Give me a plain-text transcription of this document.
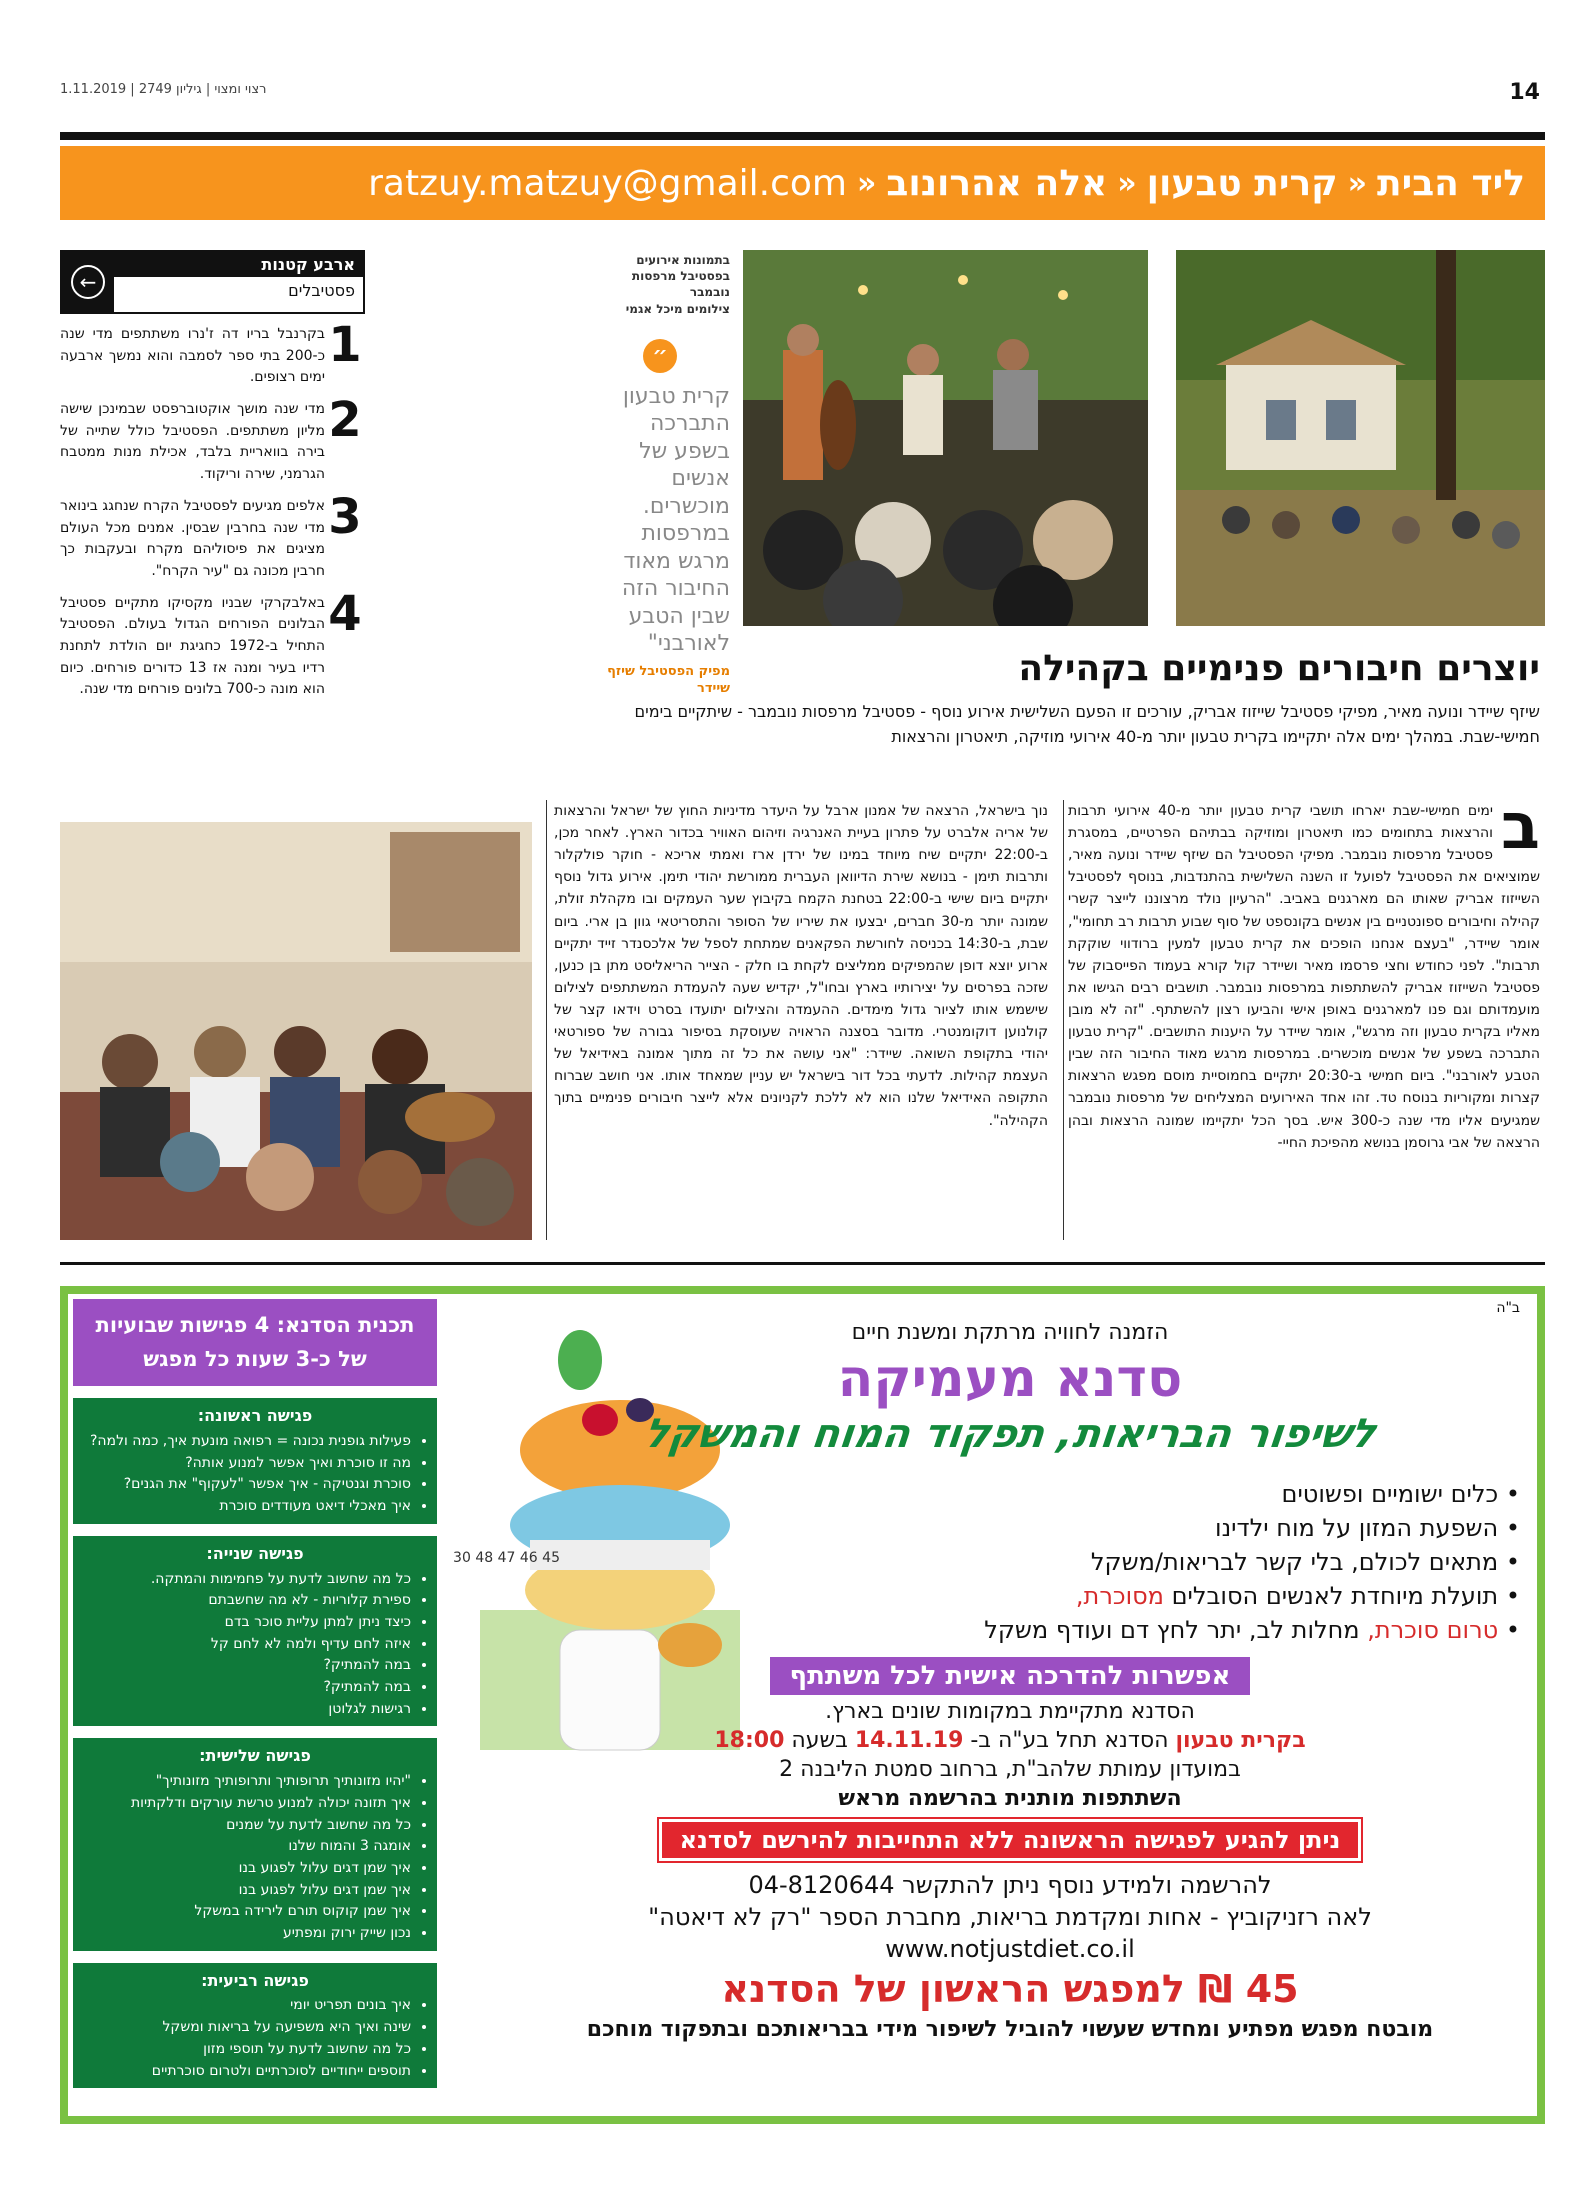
רצוי ומצוי | גיליון 2749 | 1.11.2019	14
ליד הבית
«
קרית טבעון
«
אלה אהרונוב
«
ratzuy.matzuy@gmail.com
ארבע קטנות
פסטיבלים
←
1
בקרנבל בריו דה ז'נרו משתתפים מדי שנה כ-200 בתי ספר לסמבה והוא נמשך ארבעה ימים רצופים.
2
מדי שנה מושך אוקטוברפסט שבמינכן שישה מליון משתתפים. הפסטיבל כולל שתייה של בירה בוואריית בלבד, אכילת מנות ממטבח הגרמני, שירה וריקוד.
3
אלפים מגיעים לפסטיבל הקרח שנחגג בינואר מדי שנה בחרבין שבסין. אמנים מכל העולם מציגים את פיסוליהם מקרח ובעקבות כך חרבין מכונה גם "עיר הקרח".
4
באלבקרקי שבניו מקסיקו מתקיים פסטיבל הבלונים הפורחים הגדול בעולם. הפסטיבל התחיל ב-1972 כחגיגת יום הולדת לתחנת רדיו בעיר ומנה אז 13 כדורים פורחים. כיום הוא מונה כ-700 בלונים פורחים מדי שנה.
בתמונות אירועים בפסטיבל מרפסות נובמבר
צילומים מיכל אגמי
״
קרית טבעון התברכה בשפע של אנשים מוכשרים. במרפסות מרגש מאוד החיבור הזה שבין הטבע לאורבני"
מפיק הפסטיבל שיזף שיידר	יוצרים חיבורים פנימיים בקהילה
שיזף שיידר ונועה מאיר, מפיקי פסטיבל שייזוז אבריק, עורכים זו הפעם השלישית אירוע נוסף - פסטיבל מרפסות נובמבר - שיתקיים בימים חמישי-שבת. במהלך ימים אלה יתקיימו בקרית טבעון יותר מ-40 אירועי מוזיקה, תיאטרון והרצאות
ב
ימים חמישי-שבת יארחו תושבי קרית טבעון יותר מ-40 אירועי תרבות והרצאות בתחומים כמו תיאטרון ומוזיקה בבתיהם הפרטיים, במסגרת פסטיבל מרפסות נובמבר. מפיקי הפסטיבל הם שיזף שיידר ונועה מאיר, שמוציאים את הפסטיבל לפועל זו השנה השלישית בהתנדבות, בנוסף לפסטיבל השייזוז אבריק שאותו הם מארגנים באביב. "הרעיון נולד מרצוננו לייצר קשרי קהילה וחיבורים ספונטניים בין אנשים בקונספט של סוף שבוע תרבות רב תחומי", אומר שיידר, "בעצם אנחנו הופכים את קרית טבעון למעין ברודווי שוקקת תרבות". לפני כחודש וחצי פרסמו מאיר ושיידר קול קורא בעמוד הפייסבוק של פסטיבל השייזוז אבריק להשתתפות במרפסות נובמבר. תושבים רבים הגישו את מועמדותם וגם פנו למארגנים באופן אישי והביעו רצון להשתתף. "זה לא מובן מאליו בקרית טבעון וזה מרגש", אומר שיידר על היענות התושבים. "קרית טבעון התברכה בשפע של אנשים מוכשרים. במרפסות מרגש מאוד החיבור הזה שבין הטבע לאורבני". ביום חמישי ב-20:30 יתקיים בחמוסיית מוסם מפגש הרצאות קצרות ומקוריות בנוסח טד. זהו אחד האירועים המצליחים של מרפסות נובמבר שמגיעים אליו מדי שנה כ-300 איש. בסך הכל יתקיימו שמונה הרצאות ובהן הרצאה של אבי גרוסמן בנושא מהפיכת החיי-
נוך בישראל, הרצאה של אמנון ארבל על היעדר מדיניות החוץ של ישראל והרצאות של אריה אלברט על פתרון בעיית האנרגיה וזיהום האוויר בכדור הארץ. לאחר מכן, ב-22:00 יתקיים שיח מיוחד במינו של ירדן ארז ואמתי אריכא - חוקר פולקלור ותרבות תימן - בנושא שירת הדיוואן העברית ממורשת יהודי תימן. אירוע גדול נוסף יתקיים ביום שישי ב-22:00 בטחנת הקמח בקיבוץ שער העמקים ובו מקהלת זולת, שמונה יותר מ-30 חברים, יבצעו את שיריו של הסופר והתסריטאי גוון בן ארי. ביום שבת, ב-14:30 בכניסה לחורשת הפקאנים שמתחת לספל של אלכסנדר זייד יתקיים ארוע יוצא דופן שהמפיקים ממליצים לקחת בו חלק - הצייר הריאליסט מתן בן כנען, שזכה בפרסים על יצירותיו בארץ ובחו"ל, יקדיש שעה להעמדת המשתתפים לצילום שישמש אותו לציור גדול מימדים. ההעמדה והצילום יתועדו בסרט וידאו קצר של קולנוען דוקומנטרי. מדובר בסצנה הראויה שעוסקת בסיפור גבורה של ספורטאי יהודי בתקופת השואה. שיידר: "אני עושה את כל זה מתוך אמונה באידיאל של העצמת קהילות. לדעתי בכל דור בישראל יש עניין שמאחד אותו. אני חושב שברוח התקופה האידיאל שלנו הוא לא ללכת לקניונים אלא לייצר חיבורים פנימיים בתוך הקהילה".
תכנית הסדנא: 4 פגישות שבועיות
של כ-3 שעות כל מפגש
פגישה ראשונה:
• פעילות גופנית נכונה = רפואה מונעת איך, כמה ולמה?
• מה זו סוכרת ואיך אפשר למנוע אותה?
• סוכרת וגנטיקה - איך אפשר "לעקוף" את הגנים?
• איך מאכלי דיאט מעודדים סוכרת
פגישה שנייה:
• כל מה שחשוב לדעת על פחמימות והמתקה.
• ספירת קלוריות - לא מה שחשבתם
• כיצד ניתן למתן עליית סוכר בדם
• איזה לחם עדיף ולמה לא לחם קל
• במה להמתיק?
• במה להמתיק?
• רגישות לגלוטן
פגישה שלישית:
• "יהיו מזונותיך תרופותיך ותרופותיך מזונותיך"
• איך תזונה יכולה למנוע טרשת עורקים ודלקתיות
• כל מה שחשוב לדעת על שמנים
• אומגה 3 והמוח שלנו
• איך שמן דגים עלול לפגוע בנו
• איך שמן דגים עלול לפגוע בנו
• איך שמן קוקוס תורם לירידה במשקל
• נכון שייק ירוק ומפתיע
פגישה רביעית:
• איך בונים תפריט יומי
• שינה ואיך היא משפיעה על בריאות ומשקל
• כל מה שחשוב לדעת על תוספי מזון
• תוספים ייחודיים לסוכרתיים ולטרום סוכרתיים
45 46 47 48 30
ב"ה
הזמנה לחוויה מרתקת ומשנת חיים
סדנא מעמיקה
לשיפור הבריאות, תפקוד המוח והמשקל
• כלים ישומיים ופשוטים
• השפעת המזון על מוח ילדינו
• מתאים לכולם, בלי קשר לבריאות/משקל
• תועלת מיוחדת לאנשים הסובלים מסוכרת,
• טרום סוכרת, מחלות לב, יתר לחץ דם ועודף משקל
אפשרות להדרכה אישית לכל משתתף
הסדנא מתקיימת במקומות שונים בארץ.
בקרית טבעון הסדנא תחל בע"ה ב- 14.11.19 בשעה 18:00
במועדון עמותת שלהב"ת, ברחוב סמטת הליבנה 2
השתתפות מותנית בהרשמה מראש
ניתן להגיע לפגישה הראשונה ללא התחייבות להירשם לסדנא
להרשמה ולמידע נוסף ניתן להתקשר 04-8120644
לאה רזניקוביץ - אחות ומקדמת בריאות, מחברת הספר "רק לא דיאטה"
www.notjustdiet.co.il
45 ₪ למפגש הראשון של הסדנא
מובטח מפגש מפתיע ומחדש שעשוי להוביל לשיפור מידי בבריאותכם ובתפקוד מוחכם
